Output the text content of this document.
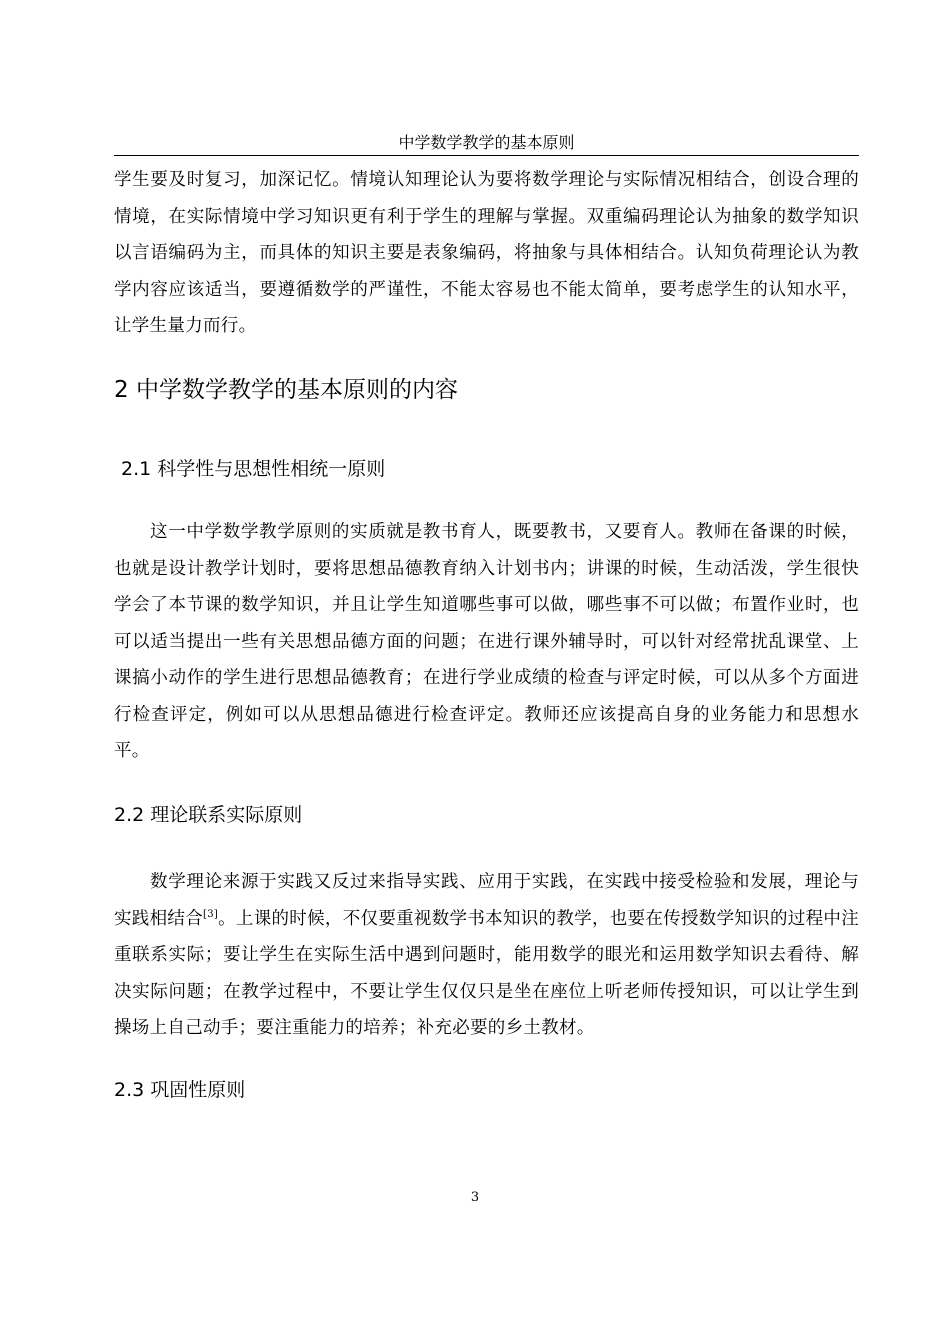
中学数学教学的基本原则

学生要及时复习，加深记忆。情境认知理论认为要将数学理论与实际情况相结合，创设合理的情境，在实际情境中学习知识更有利于学生的理解与掌握。双重编码理论认为抽象的数学知识以言语编码为主，而具体的知识主要是表象编码，将抽象与具体相结合。认知负荷理论认为教学内容应该适当，要遵循数学的严谨性，不能太容易也不能太简单，要考虑学生的认知水平，让学生量力而行。

2 中学数学教学的基本原则的内容
2.1 科学性与思想性相统一原则

这一中学数学教学原则的实质就是教书育人，既要教书，又要育人。教师在备课的时候，也就是设计教学计划时，要将思想品德教育纳入计划书内；讲课的时候，生动活泼，学生很快学会了本节课的数学知识，并且让学生知道哪些事可以做，哪些事不可以做；布置作业时，也可以适当提出一些有关思想品德方面的问题；在进行课外辅导时，可以针对经常扰乱课堂、上课搞小动作的学生进行思想品德教育；在进行学业成绩的检查与评定时候，可以从多个方面进行检查评定，例如可以从思想品德进行检查评定。教师还应该提高自身的业务能力和思想水平。

2.2 理论联系实际原则

数学理论来源于实践又反过来指导实践、应用于实践，在实践中接受检验和发展，理论与实践相结合[3]。上课的时候，不仅要重视数学书本知识的教学，也要在传授数学知识的过程中注重联系实际；要让学生在实际生活中遇到问题时，能用数学的眼光和运用数学知识去看待、解决实际问题；在教学过程中，不要让学生仅仅只是坐在座位上听老师传授知识，可以让学生到操场上自己动手；要注重能力的培养；补充必要的乡土教材。

2.3 巩固性原则
3
